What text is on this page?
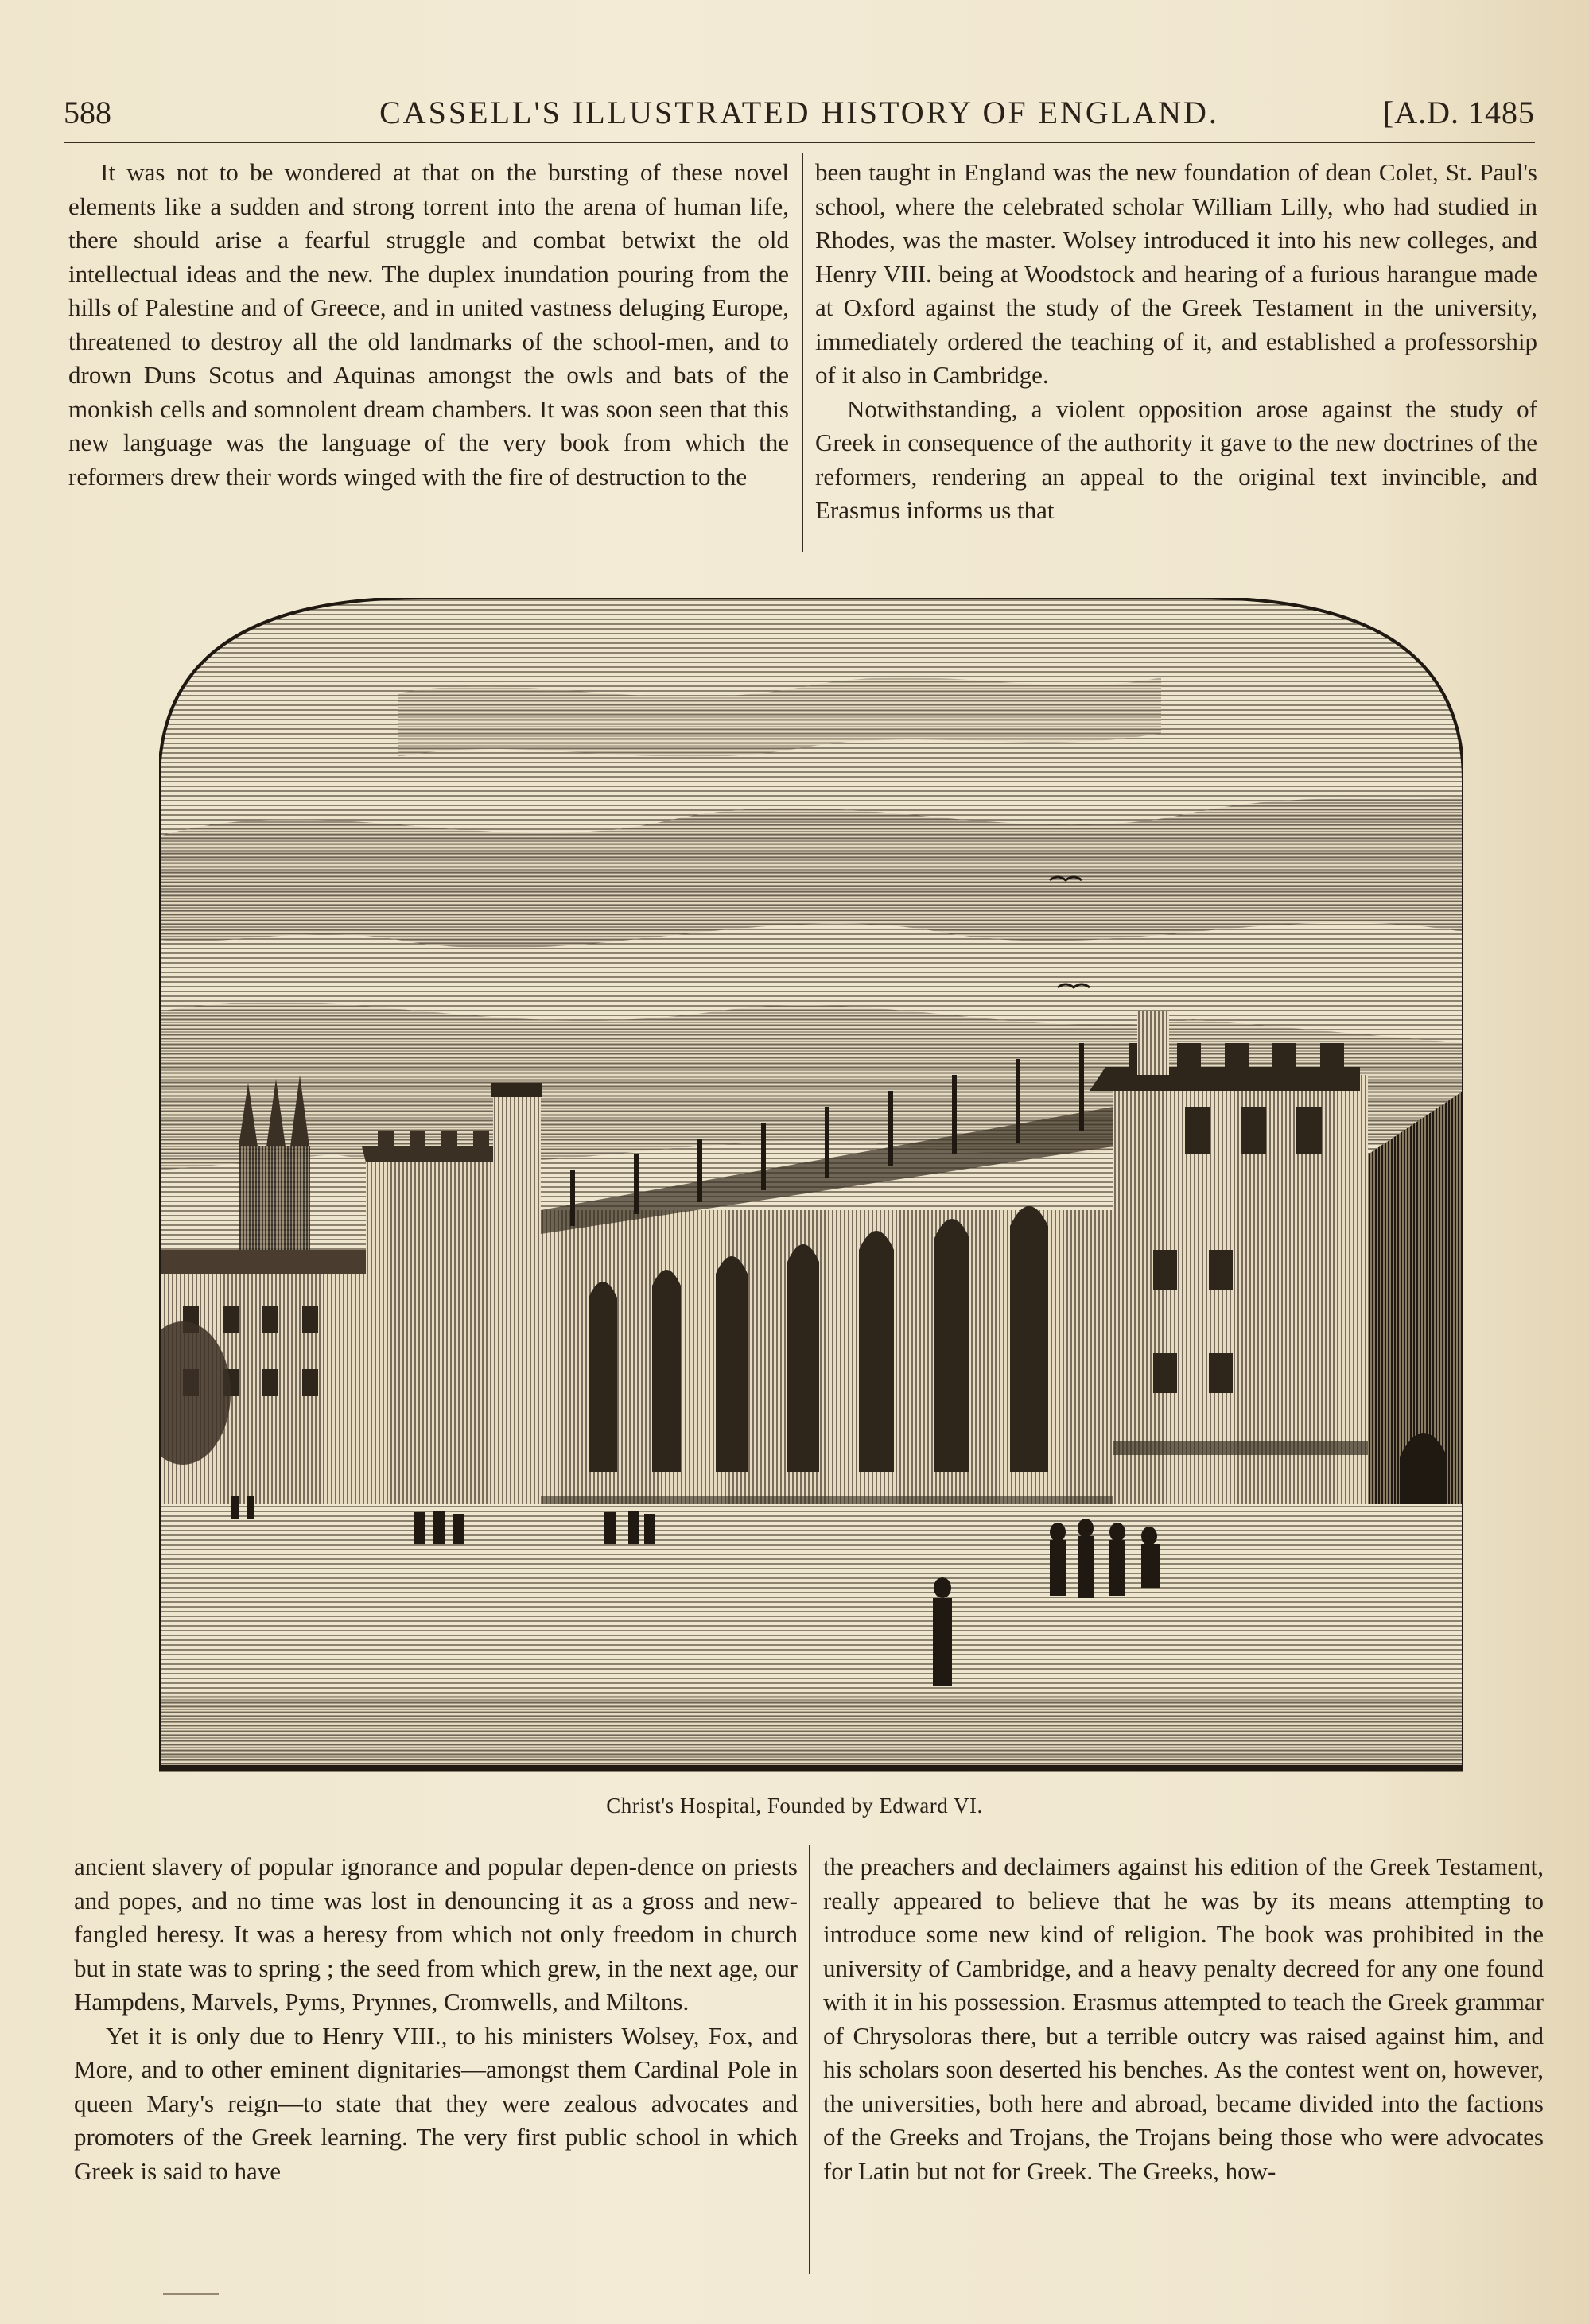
588	CASSELL'S ILLUSTRATED HISTORY OF ENGLAND.	[A.D. 1485

It was not to be wondered at that on the bursting of these novel elements like a sudden and strong torrent into the arena of human life, there should arise a fearful struggle and combat betwixt the old intellectual ideas and the new. The duplex inundation pouring from the hills of Palestine and of Greece, and in united vastness deluging Europe, threatened to destroy all the old landmarks of the school-men, and to drown Duns Scotus and Aquinas amongst the owls and bats of the monkish cells and somnolent dream chambers. It was soon seen that this new language was the language of the very book from which the reformers drew their words winged with the fire of destruction to the

been taught in England was the new foundation of dean Colet, St. Paul's school, where the celebrated scholar William Lilly, who had studied in Rhodes, was the master. Wolsey introduced it into his new colleges, and Henry VIII. being at Woodstock and hearing of a furious harangue made at Oxford against the study of the Greek Testament in the university, immediately ordered the teaching of it, and established a professorship of it also in Cambridge.

Notwithstanding, a violent opposition arose against the study of Greek in consequence of the authority it gave to the new doctrines of the reformers, rendering an appeal to the original text invincible, and Erasmus informs us that

Christ's Hospital, Founded by Edward VI.

ancient slavery of popular ignorance and popular depen-dence on priests and popes, and no time was lost in denouncing it as a gross and new-fangled heresy. It was a heresy from which not only freedom in church but in state was to spring ; the seed from which grew, in the next age, our Hampdens, Marvels, Pyms, Prynnes, Cromwells, and Miltons.

Yet it is only due to Henry VIII., to his ministers Wolsey, Fox, and More, and to other eminent dignitaries—amongst them Cardinal Pole in queen Mary's reign—to state that they were zealous advocates and promoters of the Greek learning. The very first public school in which Greek is said to have

the preachers and declaimers against his edition of the Greek Testament, really appeared to believe that he was by its means attempting to introduce some new kind of religion. The book was prohibited in the university of Cambridge, and a heavy penalty decreed for any one found with it in his possession. Erasmus attempted to teach the Greek grammar of Chrysoloras there, but a terrible outcry was raised against him, and his scholars soon deserted his benches. As the contest went on, however, the universities, both here and abroad, became divided into the factions of the Greeks and Trojans, the Trojans being those who were advocates for Latin but not for Greek. The Greeks, how-
